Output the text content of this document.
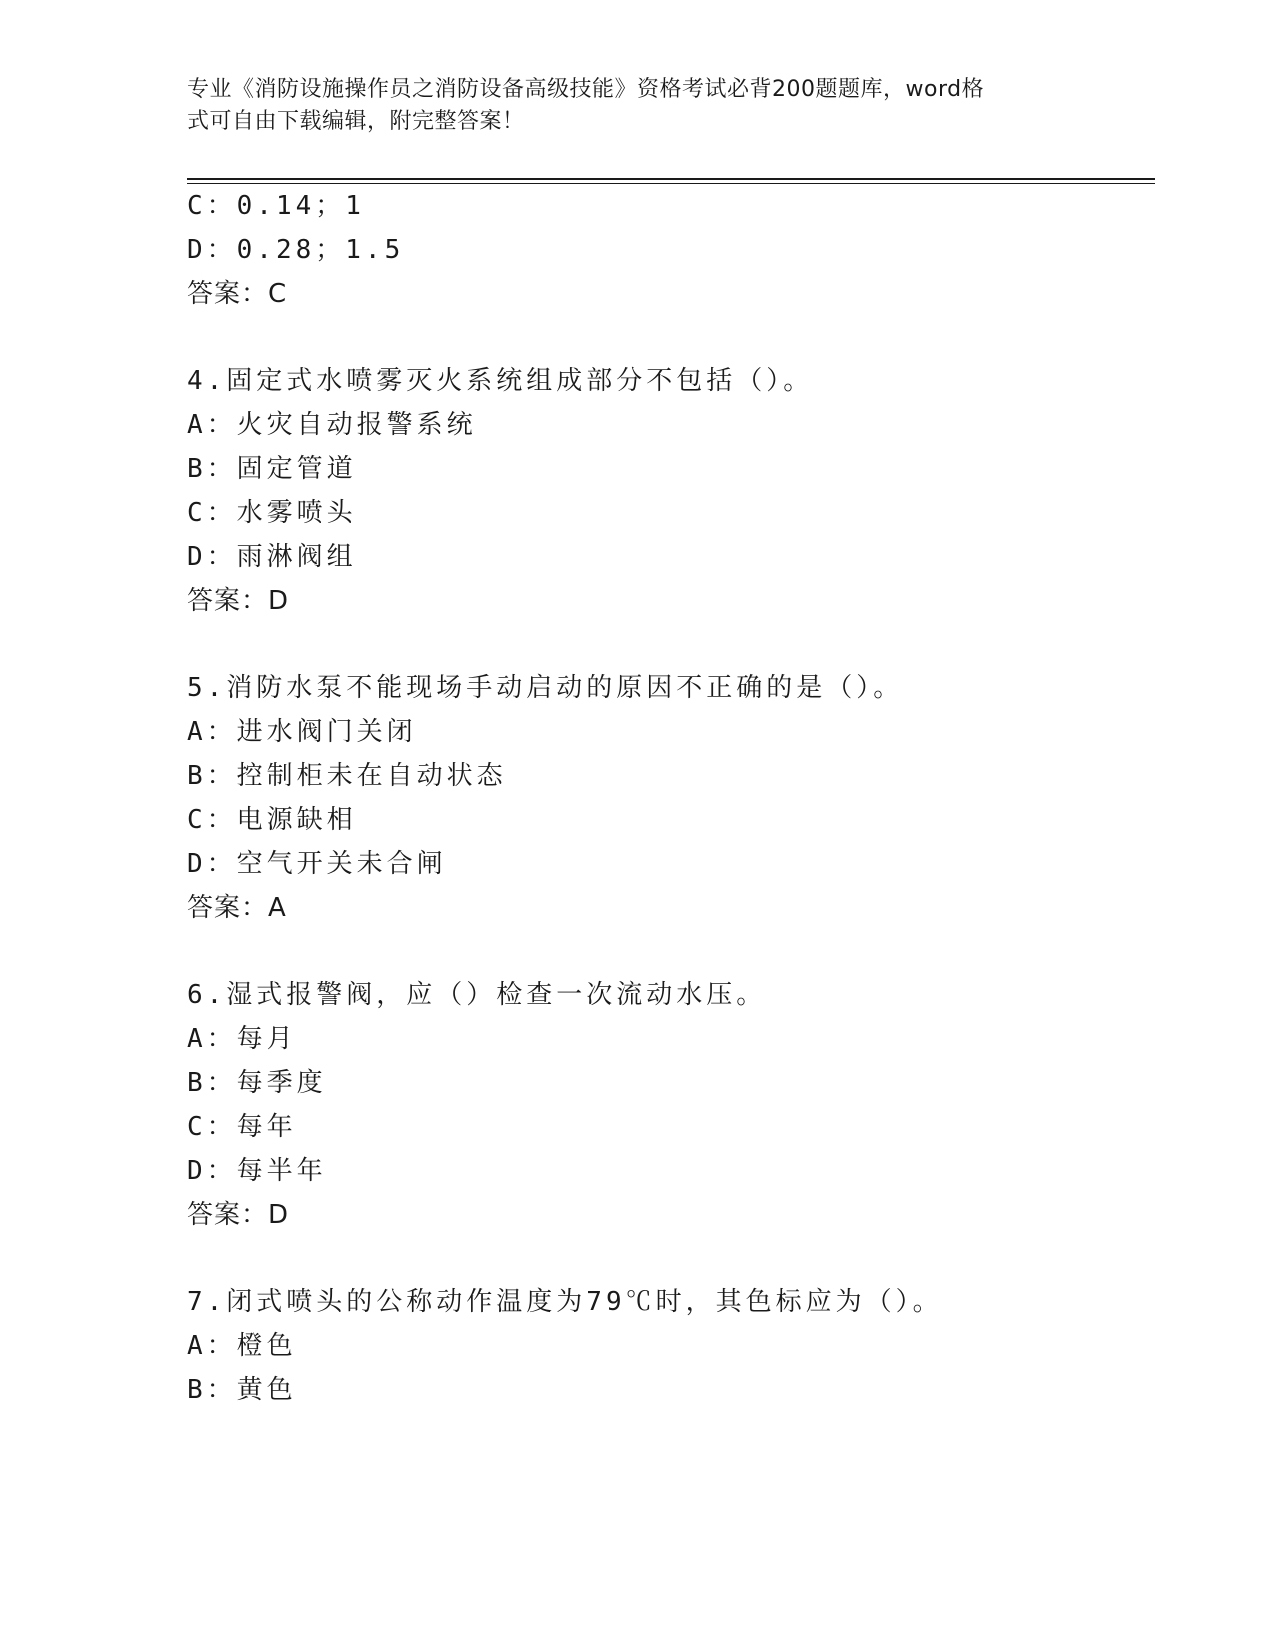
专业《消防设施操作员之消防设备高级技能》资格考试必背200题题库，word格
式可自由下载编辑，附完整答案！
C：0.14；1
D：0.28；1.5
答案：C
4.固定式水喷雾灭火系统组成部分不包括（）。
A：火灾自动报警系统
B：固定管道
C：水雾喷头
D：雨淋阀组
答案：D
5.消防水泵不能现场手动启动的原因不正确的是（）。
A：进水阀门关闭
B：控制柜未在自动状态
C：电源缺相
D：空气开关未合闸
答案：A
6.湿式报警阀，应（）检查一次流动水压。
A：每月
B：每季度
C：每年
D：每半年
答案：D
7.闭式喷头的公称动作温度为79℃时，其色标应为（）。
A：橙色
B：黄色
